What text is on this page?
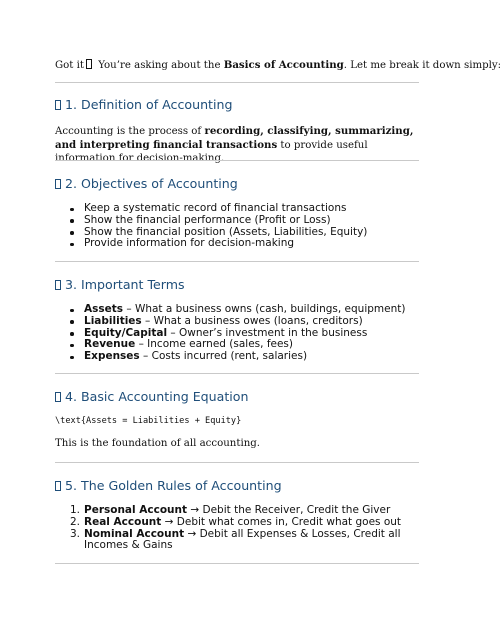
Got it You’re asking about the Basics of Accounting. Let me break it down simply:
1. Definition of Accounting
Accounting is the process of recording, classifying, summarizing, and interpreting financial transactions to provide useful information for decision-making.
2. Objectives of Accounting
Keep a systematic record of financial transactions
Show the financial performance (Profit or Loss)
Show the financial position (Assets, Liabilities, Equity)
Provide information for decision-making
3. Important Terms
Assets – What a business owns (cash, buildings, equipment)
Liabilities – What a business owes (loans, creditors)
Equity/Capital – Owner’s investment in the business
Revenue – Income earned (sales, fees)
Expenses – Costs incurred (rent, salaries)
4. Basic Accounting Equation
\text{Assets = Liabilities + Equity}
This is the foundation of all accounting.
5. The Golden Rules of Accounting
1. Personal Account → Debit the Receiver, Credit the Giver
2. Real Account → Debit what comes in, Credit what goes out
3. Nominal Account → Debit all Expenses & Losses, Credit all Incomes & Gains
